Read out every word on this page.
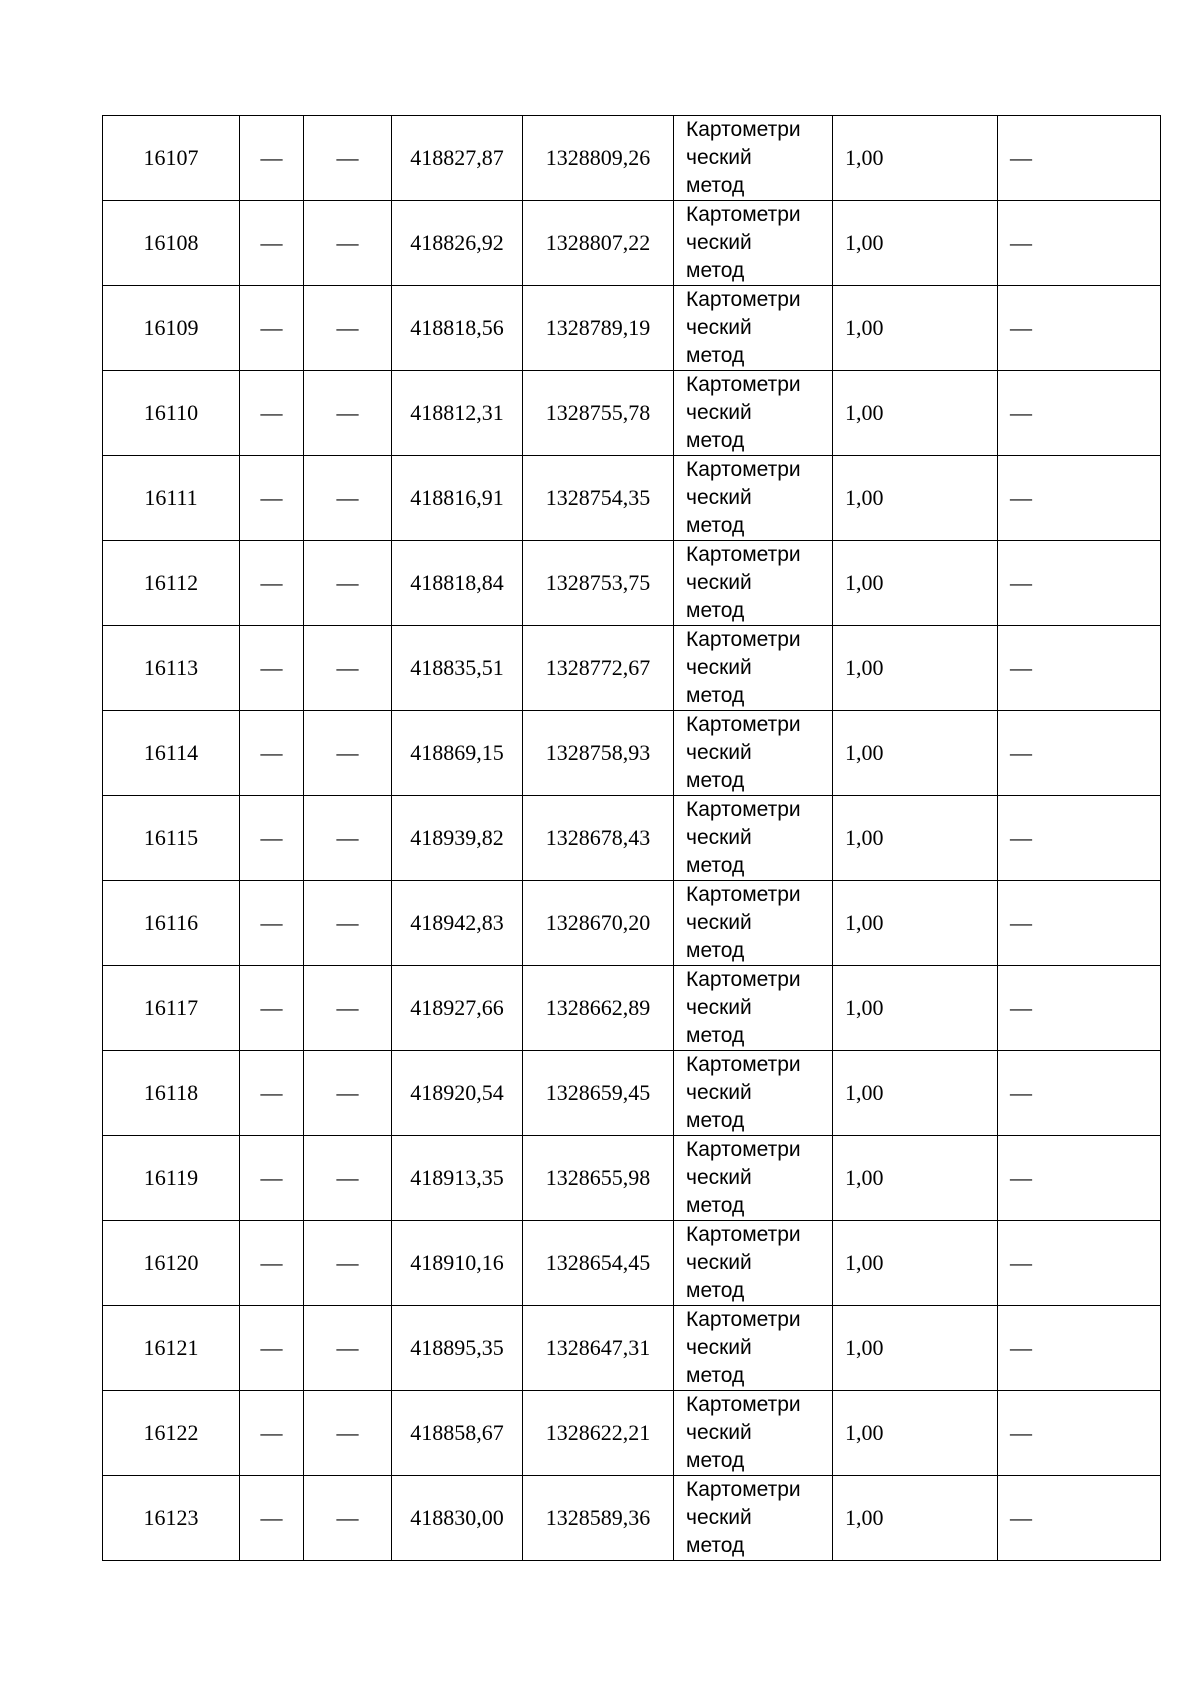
16107	—	—	418827,87	1328809,26	Картометри
ческий
метод	1,00	—
16108	—	—	418826,92	1328807,22	Картометри
ческий
метод	1,00	—
16109	—	—	418818,56	1328789,19	Картометри
ческий
метод	1,00	—
16110	—	—	418812,31	1328755,78	Картометри
ческий
метод	1,00	—
16111	—	—	418816,91	1328754,35	Картометри
ческий
метод	1,00	—
16112	—	—	418818,84	1328753,75	Картометри
ческий
метод	1,00	—
16113	—	—	418835,51	1328772,67	Картометри
ческий
метод	1,00	—
16114	—	—	418869,15	1328758,93	Картометри
ческий
метод	1,00	—
16115	—	—	418939,82	1328678,43	Картометри
ческий
метод	1,00	—
16116	—	—	418942,83	1328670,20	Картометри
ческий
метод	1,00	—
16117	—	—	418927,66	1328662,89	Картометри
ческий
метод	1,00	—
16118	—	—	418920,54	1328659,45	Картометри
ческий
метод	1,00	—
16119	—	—	418913,35	1328655,98	Картометри
ческий
метод	1,00	—
16120	—	—	418910,16	1328654,45	Картометри
ческий
метод	1,00	—
16121	—	—	418895,35	1328647,31	Картометри
ческий
метод	1,00	—
16122	—	—	418858,67	1328622,21	Картометри
ческий
метод	1,00	—
16123	—	—	418830,00	1328589,36	Картометри
ческий
метод	1,00	—
